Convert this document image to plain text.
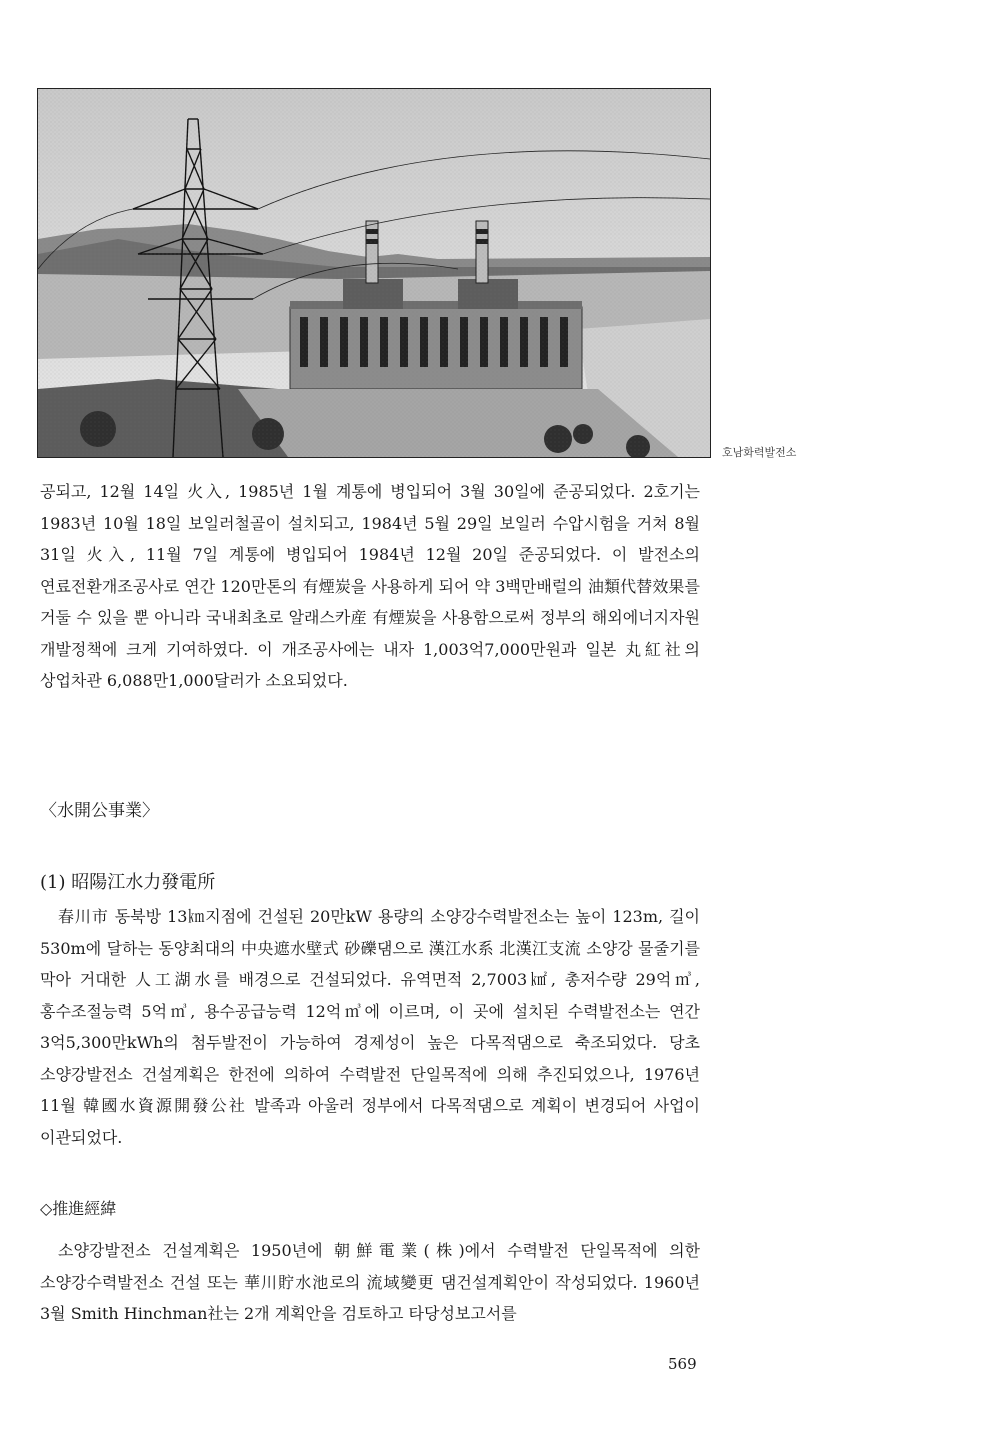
호남화력발전소

공되고, 12월 14일 火入, 1985년 1월 계통에 병입되어 3월 30일에 준공되었다. 2호기는 1983년 10월 18일 보일러철골이 설치되고, 1984년 5월 29일 보일러 수압시험을 거쳐 8월 31일 火入, 11월 7일 계통에 병입되어 1984년 12월 20일 준공되었다. 이 발전소의 연료전환개조공사로 연간 120만톤의 有煙炭을 사용하게 되어 약 3백만배럴의 油類代替效果를 거둘 수 있을 뿐 아니라 국내최초로 알래스카産 有煙炭을 사용함으로써 정부의 해외에너지자원 개발정책에 크게 기여하였다. 이 개조공사에는 내자 1,003억7,000만원과 일본 丸紅社의 상업차관 6,088만1,000달러가 소요되었다.

〈水開公事業〉
(1) 昭陽江水力發電所

春川市 동북방 13㎞지점에 건설된 20만kW 용량의 소양강수력발전소는 높이 123m, 길이 530m에 달하는 동양최대의 中央遮水壁式 砂礫댐으로 漢江水系 北漢江支流 소양강 물줄기를 막아 거대한 人工湖水를 배경으로 건설되었다. 유역면적 2,7003㎢, 총저수량 29억㎥, 홍수조절능력 5억㎥, 용수공급능력 12억㎥에 이르며, 이 곳에 설치된 수력발전소는 연간 3억5,300만kWh의 첨두발전이 가능하여 경제성이 높은 다목적댐으로 축조되었다. 당초 소양강발전소 건설계획은 한전에 의하여 수력발전 단일목적에 의해 추진되었으나, 1976년 11월 韓國水資源開發公社 발족과 아울러 정부에서 다목적댐으로 계획이 변경되어 사업이 이관되었다.

◇推進經緯

소양강발전소 건설계획은 1950년에 朝鮮電業(株)에서 수력발전 단일목적에 의한 소양강수력발전소 건설 또는 華川貯水池로의 流域變更 댐건설계획안이 작성되었다. 1960년 3월 Smith Hinchman社는 2개 계획안을 검토하고 타당성보고서를

569
